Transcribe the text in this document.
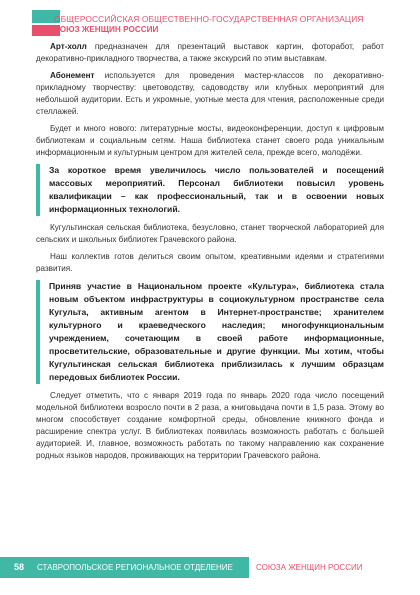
ОБЩЕРОССИЙСКАЯ ОБЩЕСТВЕННО-ГОСУДАРСТВЕННАЯ ОРГАНИЗАЦИЯ
СОЮЗ ЖЕНЩИН РОССИИ

Арт-холл предназначен для презентаций выставок картин, фоторабот, работ декоративно-прикладного творчества, а также экскурсий по этим выставкам.

Абонемент используется для проведения мастер-классов по декоративно-прикладному творчеству: цветоводству, садоводству или клубных мероприятий для небольшой аудитории. Есть и укромные, уютные места для чтения, расположенные среди стеллажей.

Будет и много нового: литературные мосты, видеоконференции, доступ к цифровым библиотекам и социальным сетям. Наша библиотека станет своего рода уникальным информационным и культурным центром для жителей села, прежде всего, молодёжи.

За короткое время увеличилось число пользователей и посещений массовых мероприятий. Персонал библиотеки повысил уровень квалификации – как профессиональный, так и в освоении новых информационных технологий.

Кугультинская сельская библиотека, безусловно, станет творческой лабораторией для сельских и школьных библиотек Грачевского района.

Наш коллектив готов делиться своим опытом, креативными идеями и стратегиями развития.

Приняв участие в Национальном проекте «Культура», библиотека стала новым объектом инфраструктуры в социокультурном пространстве села Кугульта, активным агентом в Интернет-пространстве; хранителем культурного и краеведческого наследия; многофункциональным учреждением, сочетающим в своей работе информационные, просветительские, образовательные и другие функции. Мы хотим, чтобы Кугультинская сельская библиотека приблизилась к лучшим образцам передовых библиотек России.

Следует отметить, что с января 2019 года по январь 2020 года число посещений модельной библиотеки возросло почти в 2 раза, а книговыдача почти в 1,5 раза. Этому во многом способствует создание комфортной среды, обновление книжного фонда и расширение спектра услуг. В библиотеках появилась возможность работать с большей аудиторией. И, главное, возможность работать по такому направлению как сохранение родных языков народов, проживающих на территории Грачевского района.

58 СТАВРОПОЛЬСКОЕ РЕГИОНАЛЬНОЕ ОТДЕЛЕНИЕ	СОЮЗА ЖЕНЩИН РОССИИ
